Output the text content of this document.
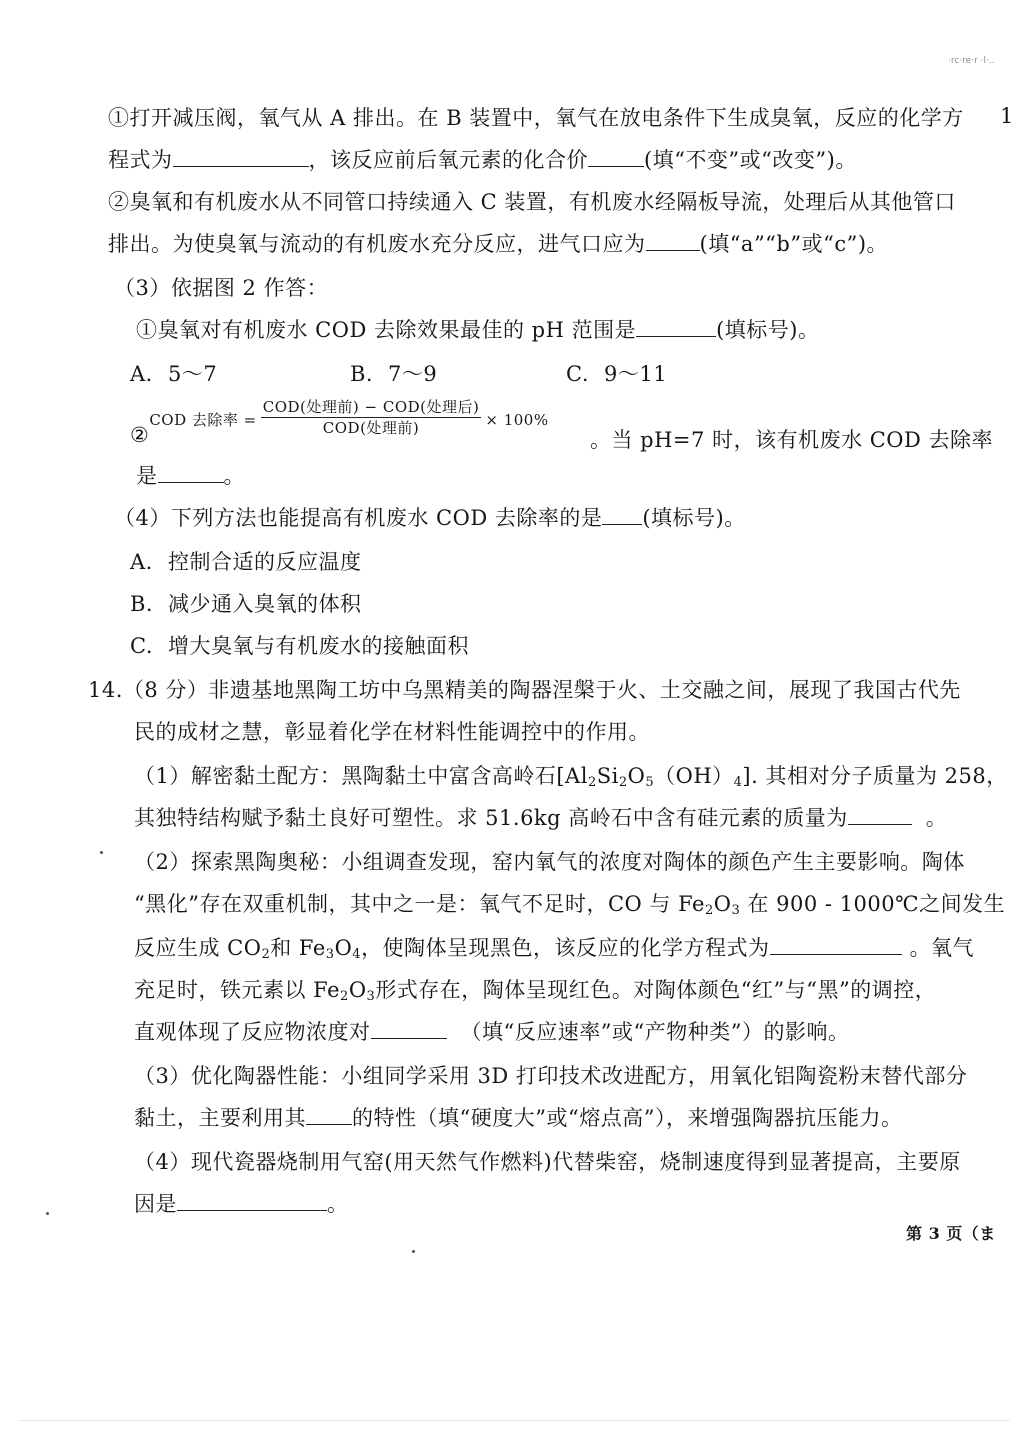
·rc·re·r ·l·..
1
①打开减压阀，氧气从 A 排出。在 B 装置中，氧气在放电条件下生成臭氧，反应的化学方
程式为	，该反应前后氧元素的化合价	(填“不变”或“改变”)。
②臭氧和有机废水从不同管口持续通入 C 装置，有机废水经隔板导流，处理后从其他管口
排出。为使臭氧与流动的有机废水充分反应，进气口应为	(填“a”“b”或“c”)。
（3）依据图 2 作答：
①臭氧对有机废水 COD 去除效果最佳的 pH 范围是	(填标号)。
A. 5～7	B. 7～9	C. 9～11
②COD 去除率 = $\frac{\text{COD(处理前) − COD(处理后)}}{\text{COD(处理前)}} \times 100\%$
。当 pH=7 时，该有机废水 COD 去除率
是	。
（4）下列方法也能提高有机废水 COD 去除率的是 (填标号)。
A. 控制合适的反应温度
B. 减少通入臭氧的体积
C. 增大臭氧与有机废水的接触面积
14.（8 分）非遗基地黑陶工坊中乌黑精美的陶器涅槃于火、土交融之间，展现了我国古代先
民的成材之慧，彰显着化学在材料性能调控中的作用。
（1）解密黏土配方：黑陶黏土中富含高岭石$[Al_2Si_2O_5(OH)_4]$. 其相对分子质量为 258，
其独特结构赋予黏土良好可塑性。求 51.6kg 高岭石中含有硅元素的质量为	。
（2）探索黑陶奥秘：小组调查发现，窑内氧气的浓度对陶体的颜色产生主要影响。陶体
“黑化”存在双重机制，其中之一是：氧气不足时，CO 与 $Fe_2O_3$ 在 900 - 1000℃之间发生
反应生成 $CO_2$和 $Fe_3O_4$，使陶体呈现黑色，该反应的化学方程式为	。氧气
充足时，铁元素以 $Fe_2O_3$形式存在，陶体呈现红色。对陶体颜色“红”与“黑”的调控，
直观体现了反应物浓度对	（填“反应速率”或“产物种类”）的影响。
（3）优化陶器性能：小组同学采用 3D 打印技术改进配方，用氧化铝陶瓷粉末替代部分
黏土，主要利用其 的特性（填“硬度大”或“熔点高”），来增强陶器抗压能力。
（4）现代瓷器烧制用气窑(用天然气作燃料)代替柴窑，烧制速度得到显著提高，主要原
因是	。
第 3 页（ま
